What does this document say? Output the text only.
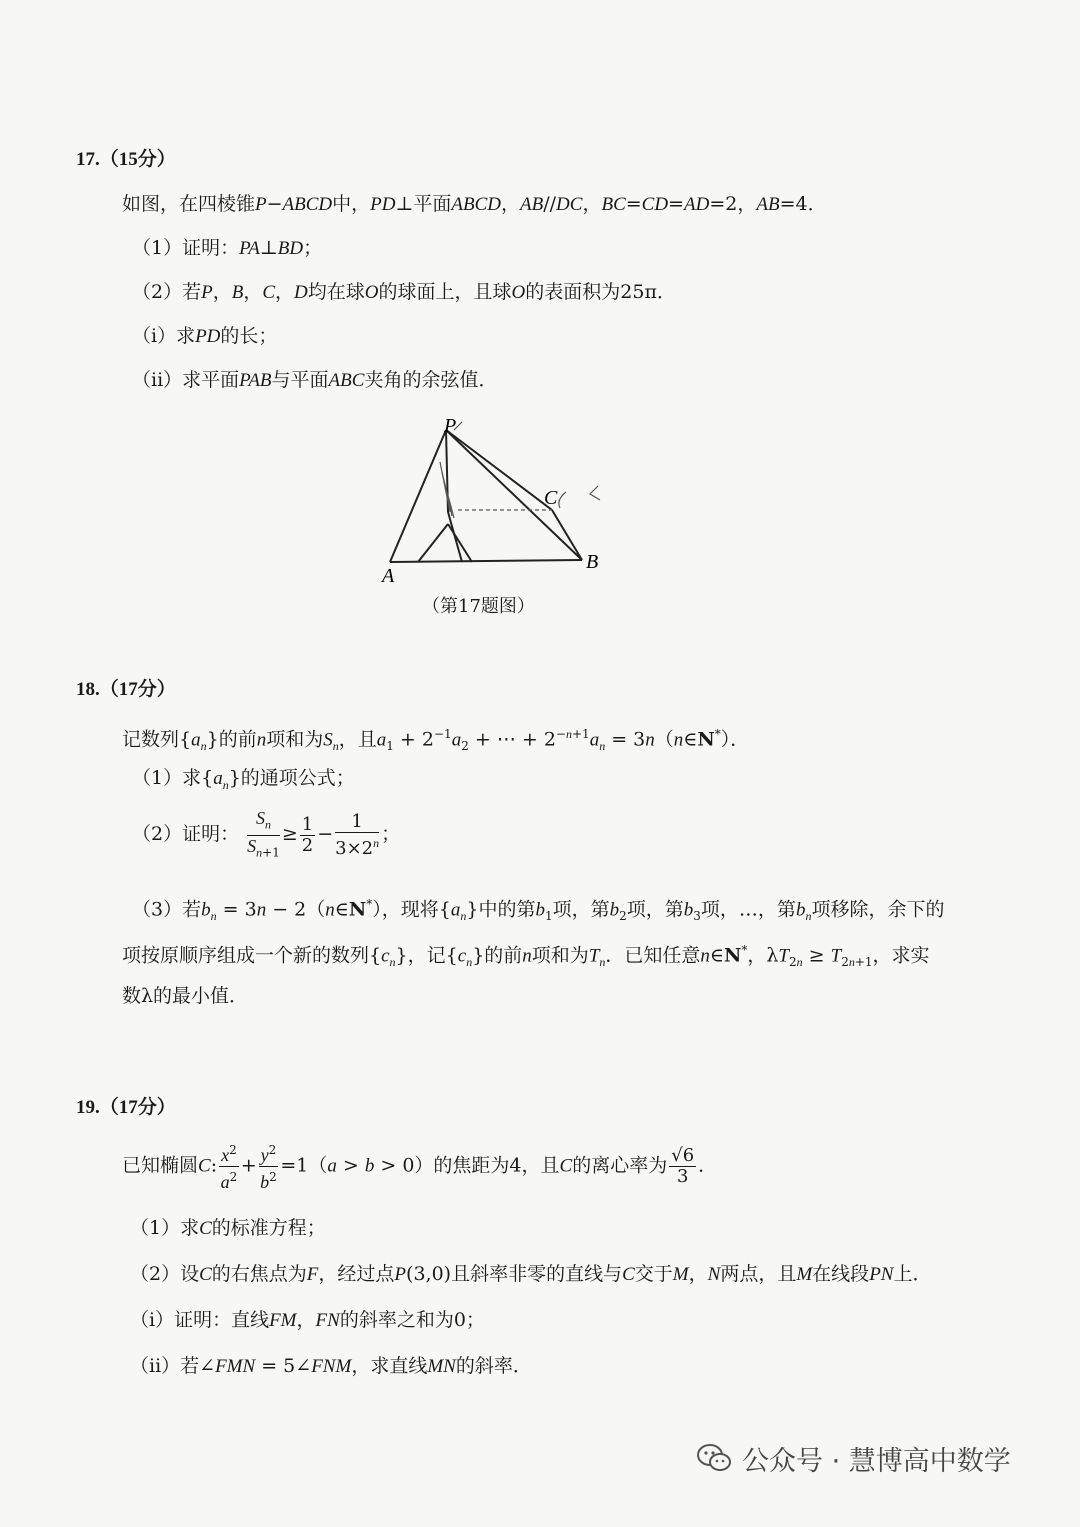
17.（15分）
如图，在四棱锥P−ABCD中，PD⊥平面ABCD，AB//DC，BC=CD=AD=2，AB=4．
（1）证明：PA⊥BD；
（2）若P，B，C，D均在球O的球面上，且球O的表面积为25π．
（i）求PD的长；
（ii）求平面PAB与平面ABC夹角的余弦值．
P
C
A
B
（第17题图）
18.（17分）
记数列$\{a_n\}$的前n项和为$S_n$，且$a_1 + 2^{-1}a_2$ + ⋯ + $2^{-n+1}a_n$ = 3n（n∈N*）．
（1）求$\{a_n\}$的通项公式；
（2）证明： $\frac{S_n}{S_{n+1}} \ge \frac{1}{2} - \frac{1}{3\times 2^n}$ ；
（3）若$b_n = 3n$ − 2（n∈N*），现将$\{a_n\}$中的第$b_1$项，第$b_2$项，第$b_3$项，…，第$b_n$项移除，余下的
项按原顺序组成一个新的数列$\{c_n\}$，记$\{c_n\}$的前n项和为$T_n$．已知任意n∈N*，$\lambda T_{2n} \ge T_{2n+1}$，求实
数λ的最小值．
19.（17分）
已知椭圆C: $\frac{x^2}{a^2} + \frac{y^2}{b^2} =1(a > b > 0)$的焦距为4，且C的离心率为 $\frac{√6}{3}$ ．
（1）求C的标准方程；
（2）设C的右焦点为F，经过点P(3,0)且斜率非零的直线与C交于M，N两点，且M在线段PN上．
（i）证明：直线FM，FN的斜率之和为0；
（ii）若∠FMN = 5∠FNM，求直线MN的斜率．
公众号 · 慧博高中数学
